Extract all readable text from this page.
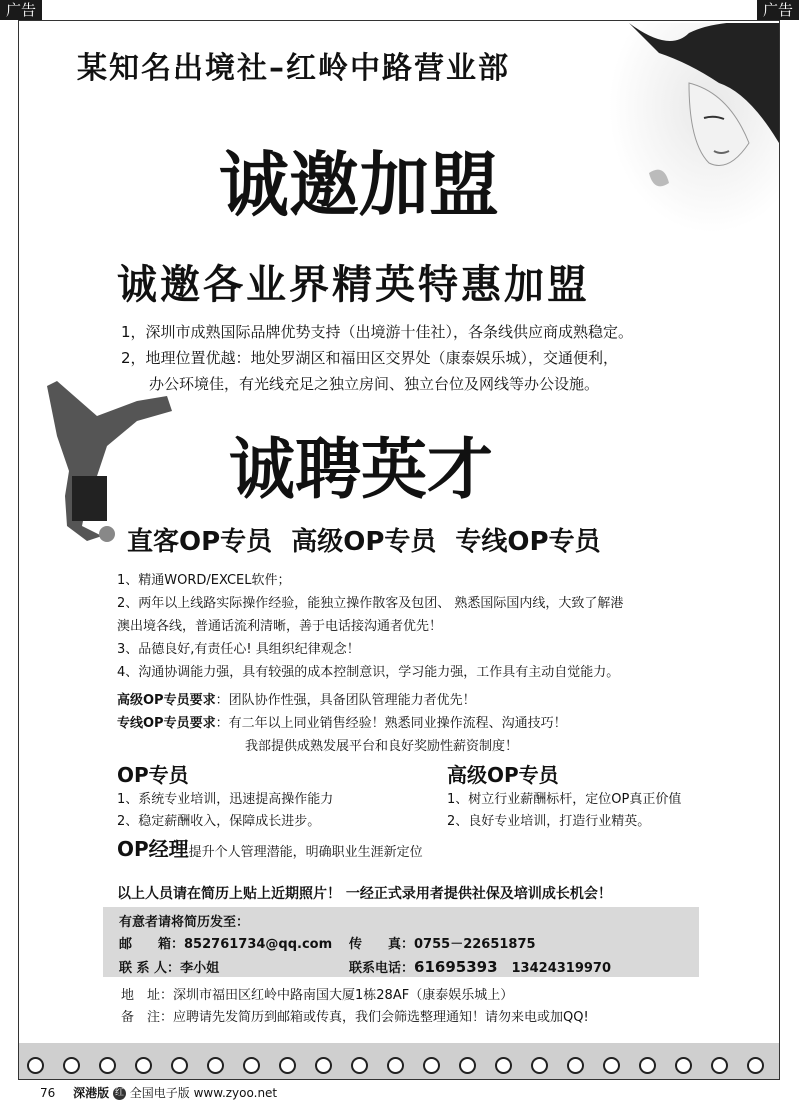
广告	广告
某知名出境社–红岭中路营业部
诚邀加盟
诚邀各业界精英特惠加盟
1，深圳市成熟国际品牌优势支持（出境游十佳社），各条线供应商成熟稳定。
2，地理位置优越：地处罗湖区和福田区交界处（康泰娱乐城），交通便利，
办公环境佳，有光线充足之独立房间、独立台位及网线等办公设施。
诚聘英才
直客OP专员 高级OP专员 专线OP专员
1、精通WORD/EXCEL软件；
2、两年以上线路实际操作经验，能独立操作散客及包团、 熟悉国际国内线，大致了解港
澳出境各线，普通话流利清晰，善于电话接沟通者优先！
3、品德良好,有责任心! 具组织纪律观念！
4、沟通协调能力强，具有较强的成本控制意识，学习能力强，工作具有主动自觉能力。
高级OP专员要求：团队协作性强，具备团队管理能力者优先！
专线OP专员要求：有二年以上同业销售经验！熟悉同业操作流程、沟通技巧！
我部提供成熟发展平台和良好奖励性薪资制度！
OP专员
1、系统专业培训，迅速提高操作能力
2、稳定薪酬收入，保障成长进步。
高级OP专员
1、树立行业薪酬标杆，定位OP真正价值
2、良好专业培训，打造行业精英。
OP经理提升个人管理潜能，明确职业生涯新定位
以上人员请在简历上贴上近期照片！ 一经正式录用者提供社保及培训成长机会！
有意者请将简历发至：
邮　　箱：852761734@qq.com 传　　真：0755－22651875
联 系 人：李小姐	联系电话：61695393 13424319970
地　址：深圳市福田区红岭中路南国大厦1栋28AF（康泰娱乐城上）
备　注：应聘请先发简历到邮箱或传真，我们会筛选整理通知！请勿来电或加QQ!
76 深港版 红 全国电子版 www.zyoo.net
